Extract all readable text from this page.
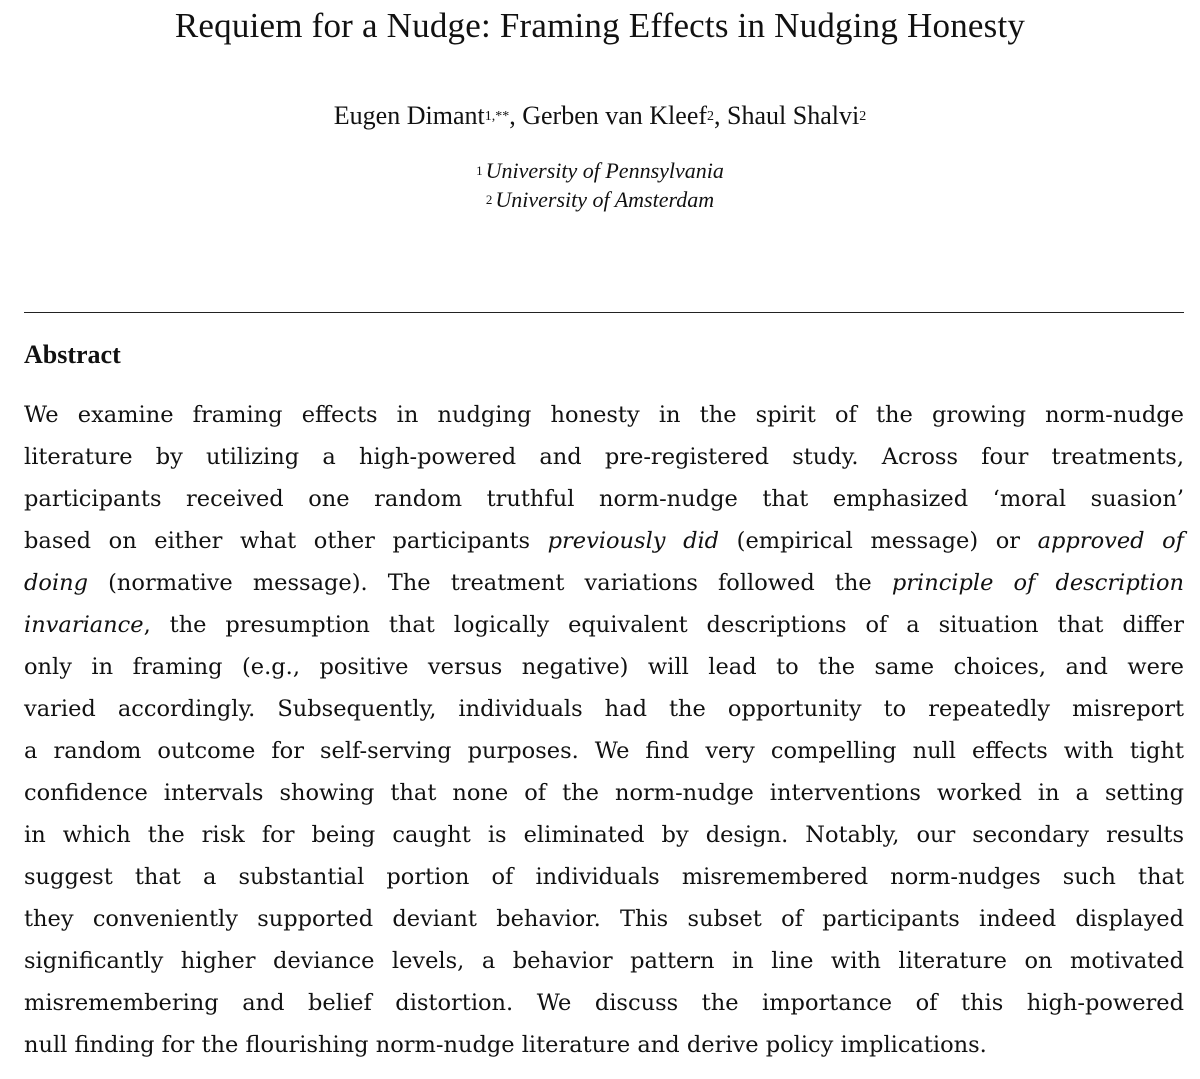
Requiem for a Nudge: Framing Effects in Nudging Honesty
Eugen Dimant$^{1,**}$, Gerben van Kleef$^2$, Shaul Shalvi$^2$
$^1$ University of Pennsylvania
$^2$ University of Amsterdam
Abstract
We examine framing effects in nudging honesty in the spirit of the growing norm-nudge
literature by utilizing a high-powered and pre-registered study. Across four treatments,
participants received one random truthful norm-nudge that emphasized ‘moral suasion’
based on either what other participants previously did (empirical message) or approved of
doing (normative message). The treatment variations followed the principle of description
invariance, the presumption that logically equivalent descriptions of a situation that differ
only in framing (e.g., positive versus negative) will lead to the same choices, and were
varied accordingly. Subsequently, individuals had the opportunity to repeatedly misreport
a random outcome for self-serving purposes. We find very compelling null effects with tight
confidence intervals showing that none of the norm-nudge interventions worked in a setting
in which the risk for being caught is eliminated by design. Notably, our secondary results
suggest that a substantial portion of individuals misremembered norm-nudges such that
they conveniently supported deviant behavior. This subset of participants indeed displayed
significantly higher deviance levels, a behavior pattern in line with literature on motivated
misremembering and belief distortion. We discuss the importance of this high-powered
null finding for the flourishing norm-nudge literature and derive policy implications.
